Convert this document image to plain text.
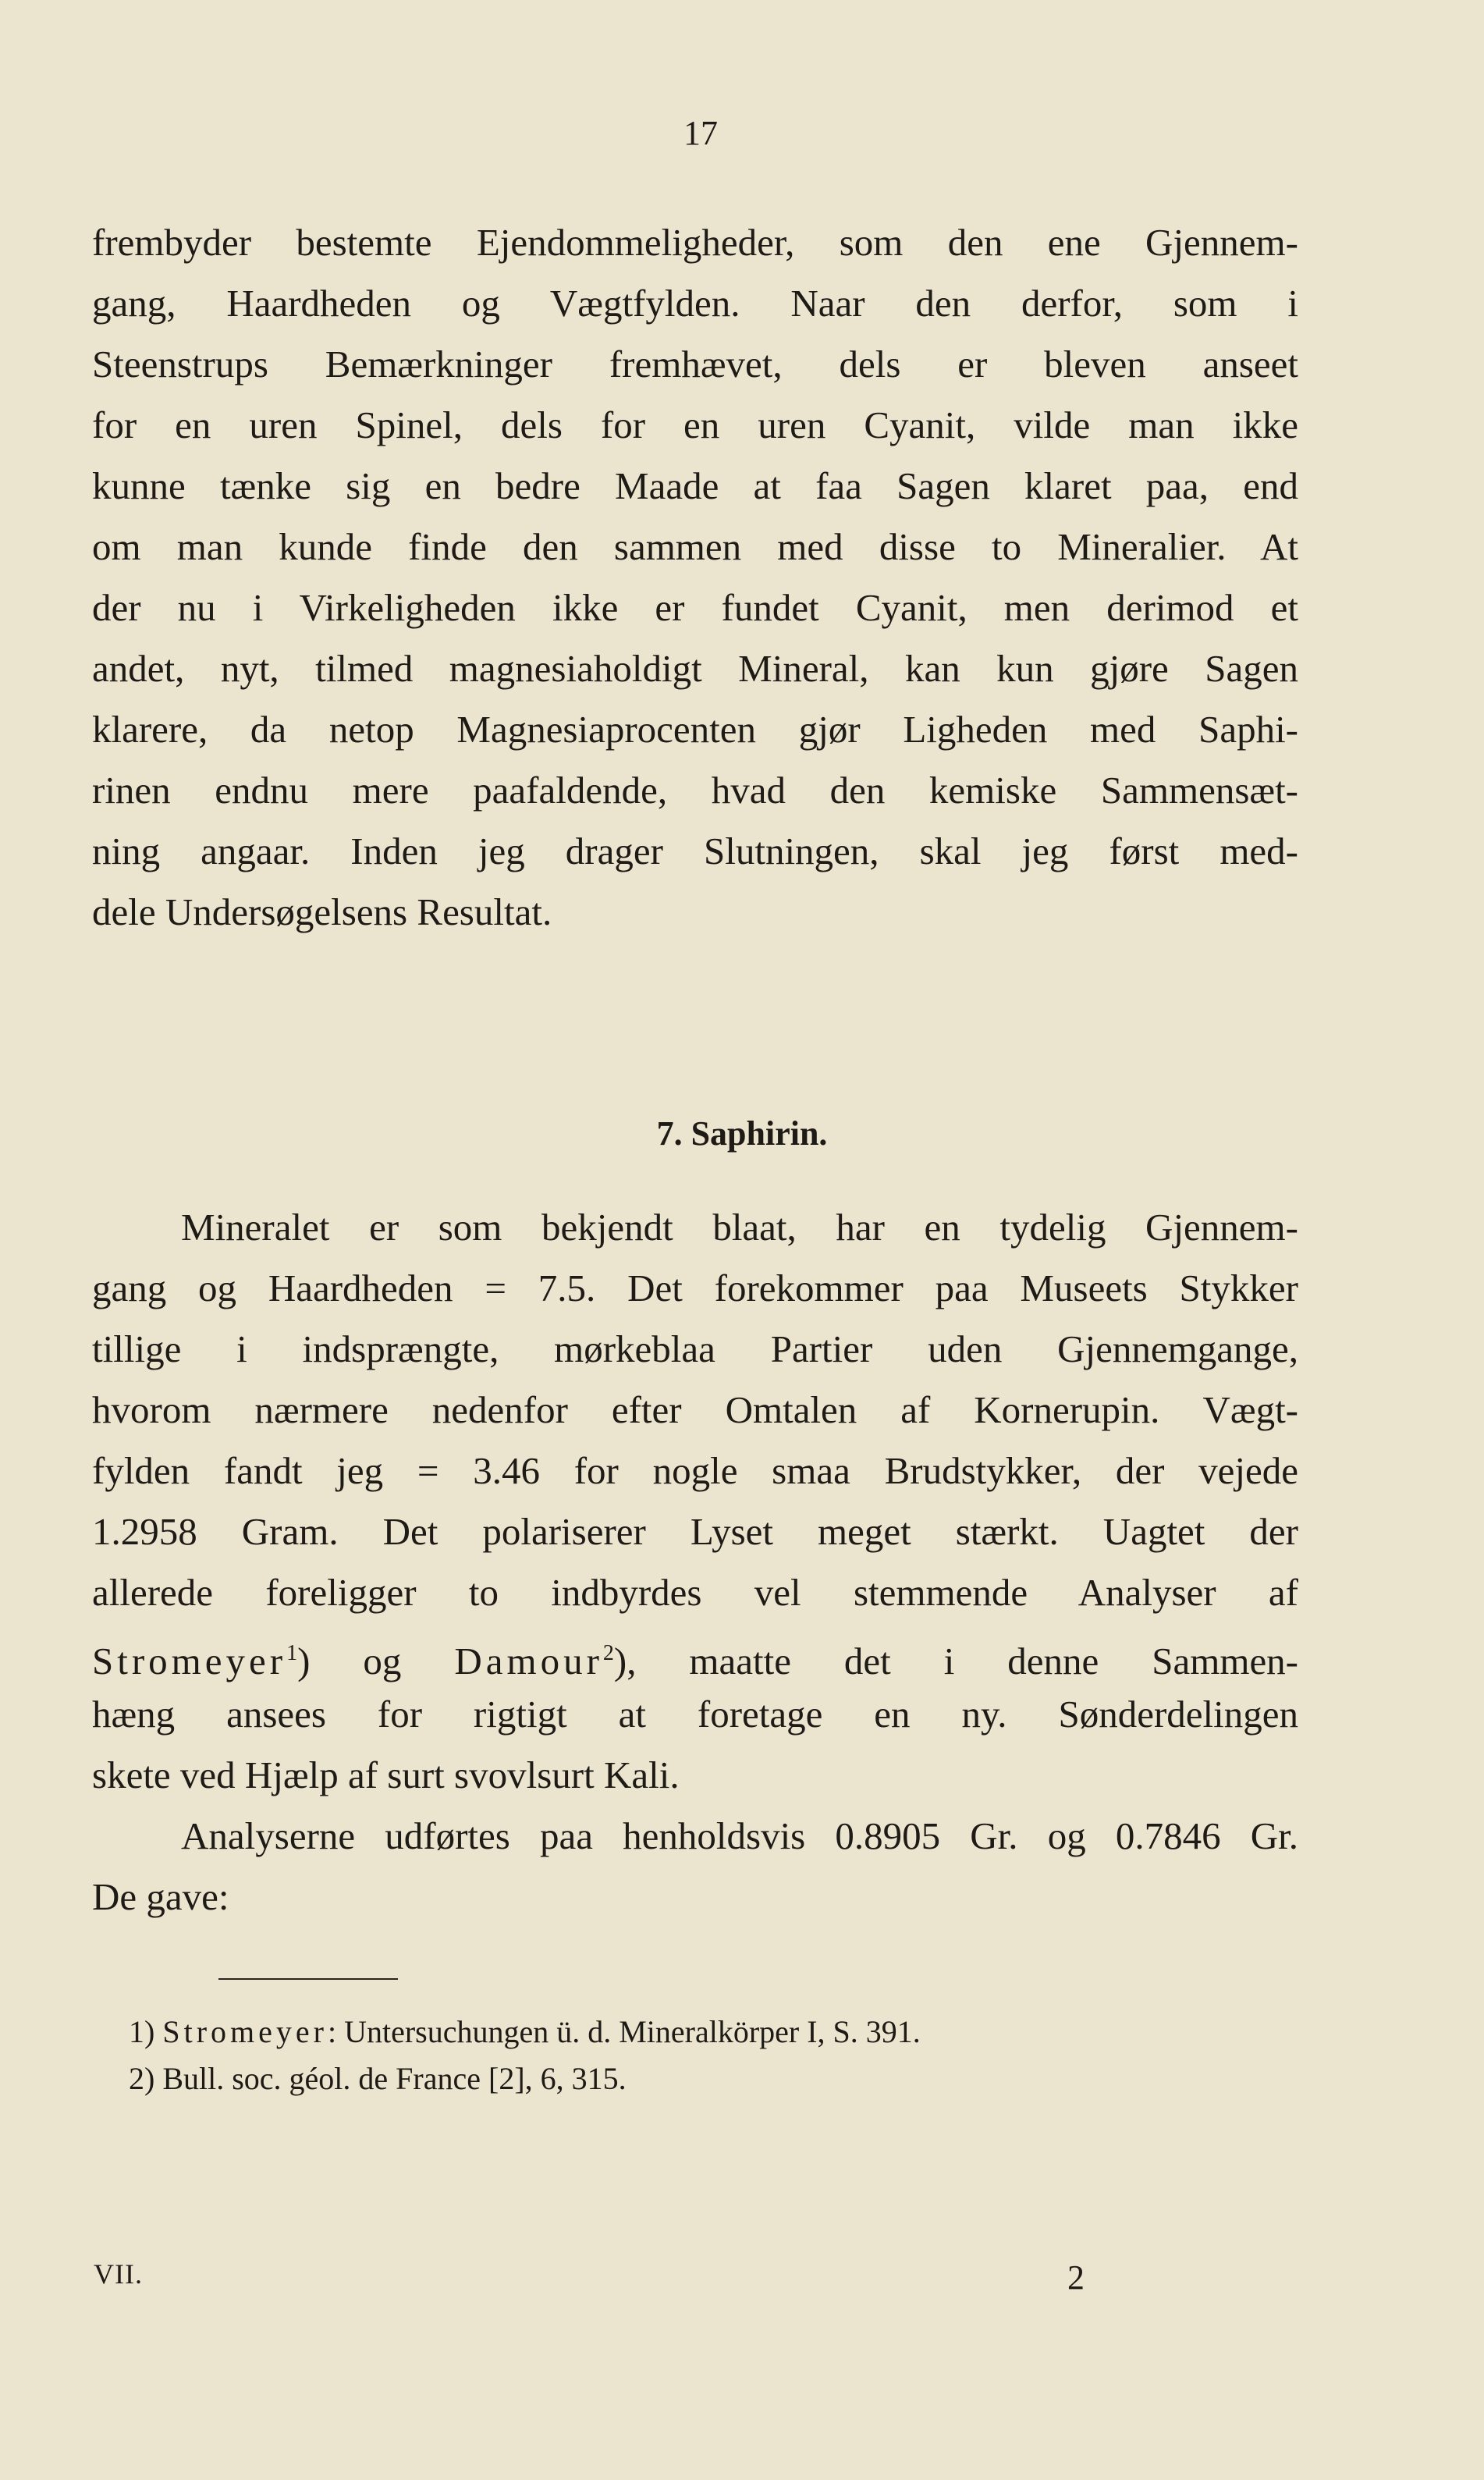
17
frembyder bestemte Ejendommeligheder, som den ene Gjennem-
gang, Haardheden og Vægtfylden. Naar den derfor, som i
Steenstrups Bemærkninger fremhævet, dels er bleven anseet
for en uren Spinel, dels for en uren Cyanit, vilde man ikke
kunne tænke sig en bedre Maade at faa Sagen klaret paa, end
om man kunde finde den sammen med disse to Mineralier. At
der nu i Virkeligheden ikke er fundet Cyanit, men derimod et
andet, nyt, tilmed magnesiaholdigt Mineral, kan kun gjøre Sagen
klarere, da netop Magnesiaprocenten gjør Ligheden med Saphi-
rinen endnu mere paafaldende, hvad den kemiske Sammensæt-
ning angaar. Inden jeg drager Slutningen, skal jeg først med-
dele Undersøgelsens Resultat.
7. Saphirin.
Mineralet er som bekjendt blaat, har en tydelig Gjennem-
gang og Haardheden = 7.5. Det forekommer paa Museets Stykker
tillige i indsprængte, mørkeblaa Partier uden Gjennemgange,
hvorom nærmere nedenfor efter Omtalen af Kornerupin. Vægt-
fylden fandt jeg = 3.46 for nogle smaa Brudstykker, der vejede
1.2958 Gram. Det polariserer Lyset meget stærkt. Uagtet der
allerede foreligger to indbyrdes vel stemmende Analyser af
Stromeyer$^1$) og Damour$^2$), maatte det i denne Sammen-
hæng ansees for rigtigt at foretage en ny. Sønderdelingen
skete ved Hjælp af surt svovlsurt Kali.
Analyserne udførtes paa henholdsvis 0.8905 Gr. og 0.7846 Gr.
De gave:
1) Stromeyer: Untersuchungen ü. d. Mineralkörper I, S. 391.
2) Bull. soc. géol. de France [2], 6, 315.
VII.	2
